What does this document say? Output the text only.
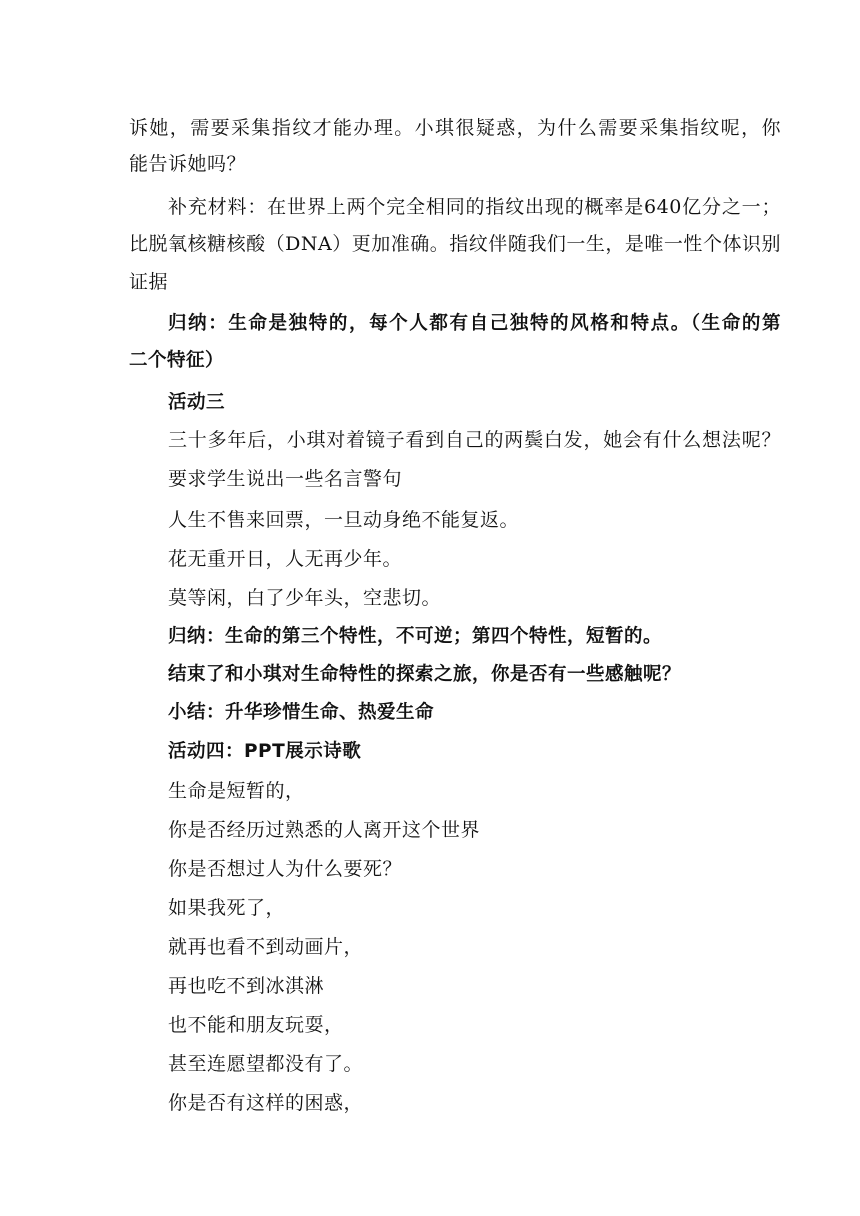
诉她，需要采集指纹才能办理。小琪很疑惑，为什么需要采集指纹呢，你
能告诉她吗？
补充材料：在世界上两个完全相同的指纹出现的概率是640亿分之一；
比脱氧核糖核酸（DNA）更加准确。指纹伴随我们一生，是唯一性个体识别
证据
归纳：生命是独特的，每个人都有自己独特的风格和特点。（生命的第
二个特征）
活动三
三十多年后，小琪对着镜子看到自己的两鬓白发，她会有什么想法呢？
要求学生说出一些名言警句
人生不售来回票，一旦动身绝不能复返。
花无重开日，人无再少年。
莫等闲，白了少年头，空悲切。
归纳：生命的第三个特性，不可逆；第四个特性，短暂的。
结束了和小琪对生命特性的探索之旅，你是否有一些感触呢？
小结：升华珍惜生命、热爱生命
活动四：PPT展示诗歌
生命是短暂的，
你是否经历过熟悉的人离开这个世界
你是否想过人为什么要死？
如果我死了，
就再也看不到动画片，
再也吃不到冰淇淋
也不能和朋友玩耍，
甚至连愿望都没有了。
你是否有这样的困惑，
